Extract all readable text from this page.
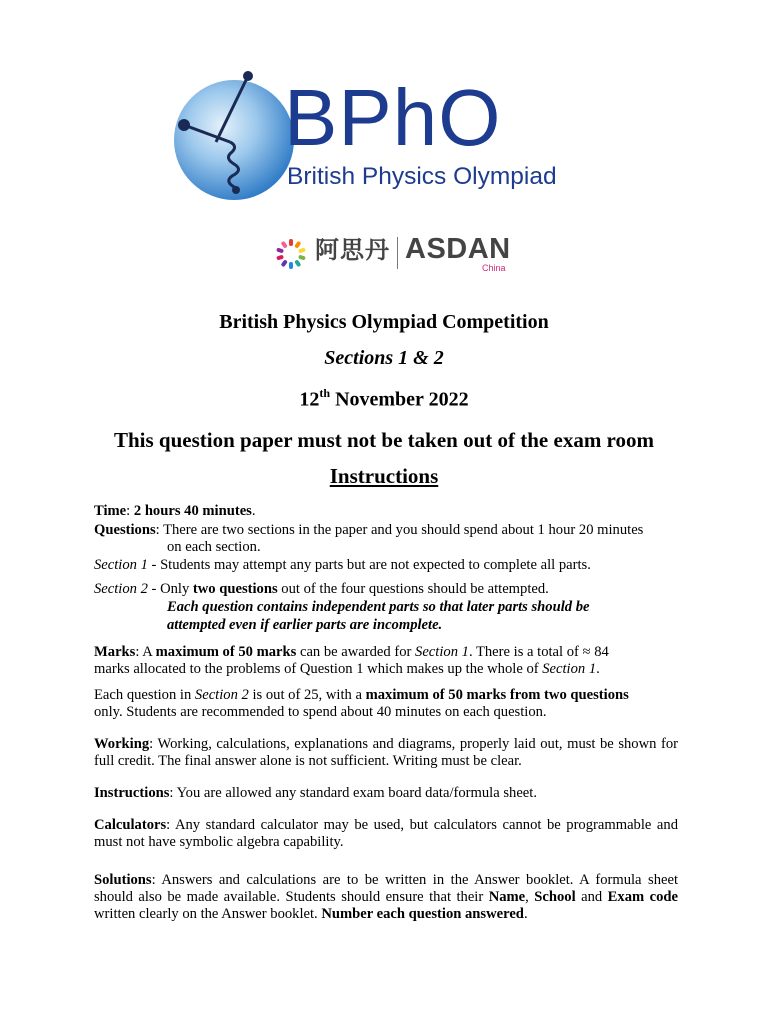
BPhO
British Physics Olympiad
阿思丹 ASDAN
China
British Physics Olympiad Competition
Sections 1 & 2
12th November 2022
This question paper must not be taken out of the exam room
Instructions
Time: 2 hours 40 minutes.
Questions: There are two sections in the paper and you should spend about 1 hour 20 minutes
on each section.
Section 1 - Students may attempt any parts but are not expected to complete all parts.
Section 2 - Only two questions out of the four questions should be attempted.
Each question contains independent parts so that later parts should be
attempted even if earlier parts are incomplete.
Marks: A maximum of 50 marks can be awarded for Section 1. There is a total of ≈ 84
marks allocated to the problems of Question 1 which makes up the whole of Section 1.
Each question in Section 2 is out of 25, with a maximum of 50 marks from two questions
only. Students are recommended to spend about 40 minutes on each question.
Working: Working, calculations, explanations and diagrams, properly laid out, must be shown for full credit. The final answer alone is not sufficient. Writing must be clear.
Instructions: You are allowed any standard exam board data/formula sheet.
Calculators: Any standard calculator may be used, but calculators cannot be programmable and must not have symbolic algebra capability.
Solutions: Answers and calculations are to be written in the Answer booklet. A formula sheet should also be made available. Students should ensure that their Name, School and Exam code written clearly on the Answer booklet. Number each question answered.
